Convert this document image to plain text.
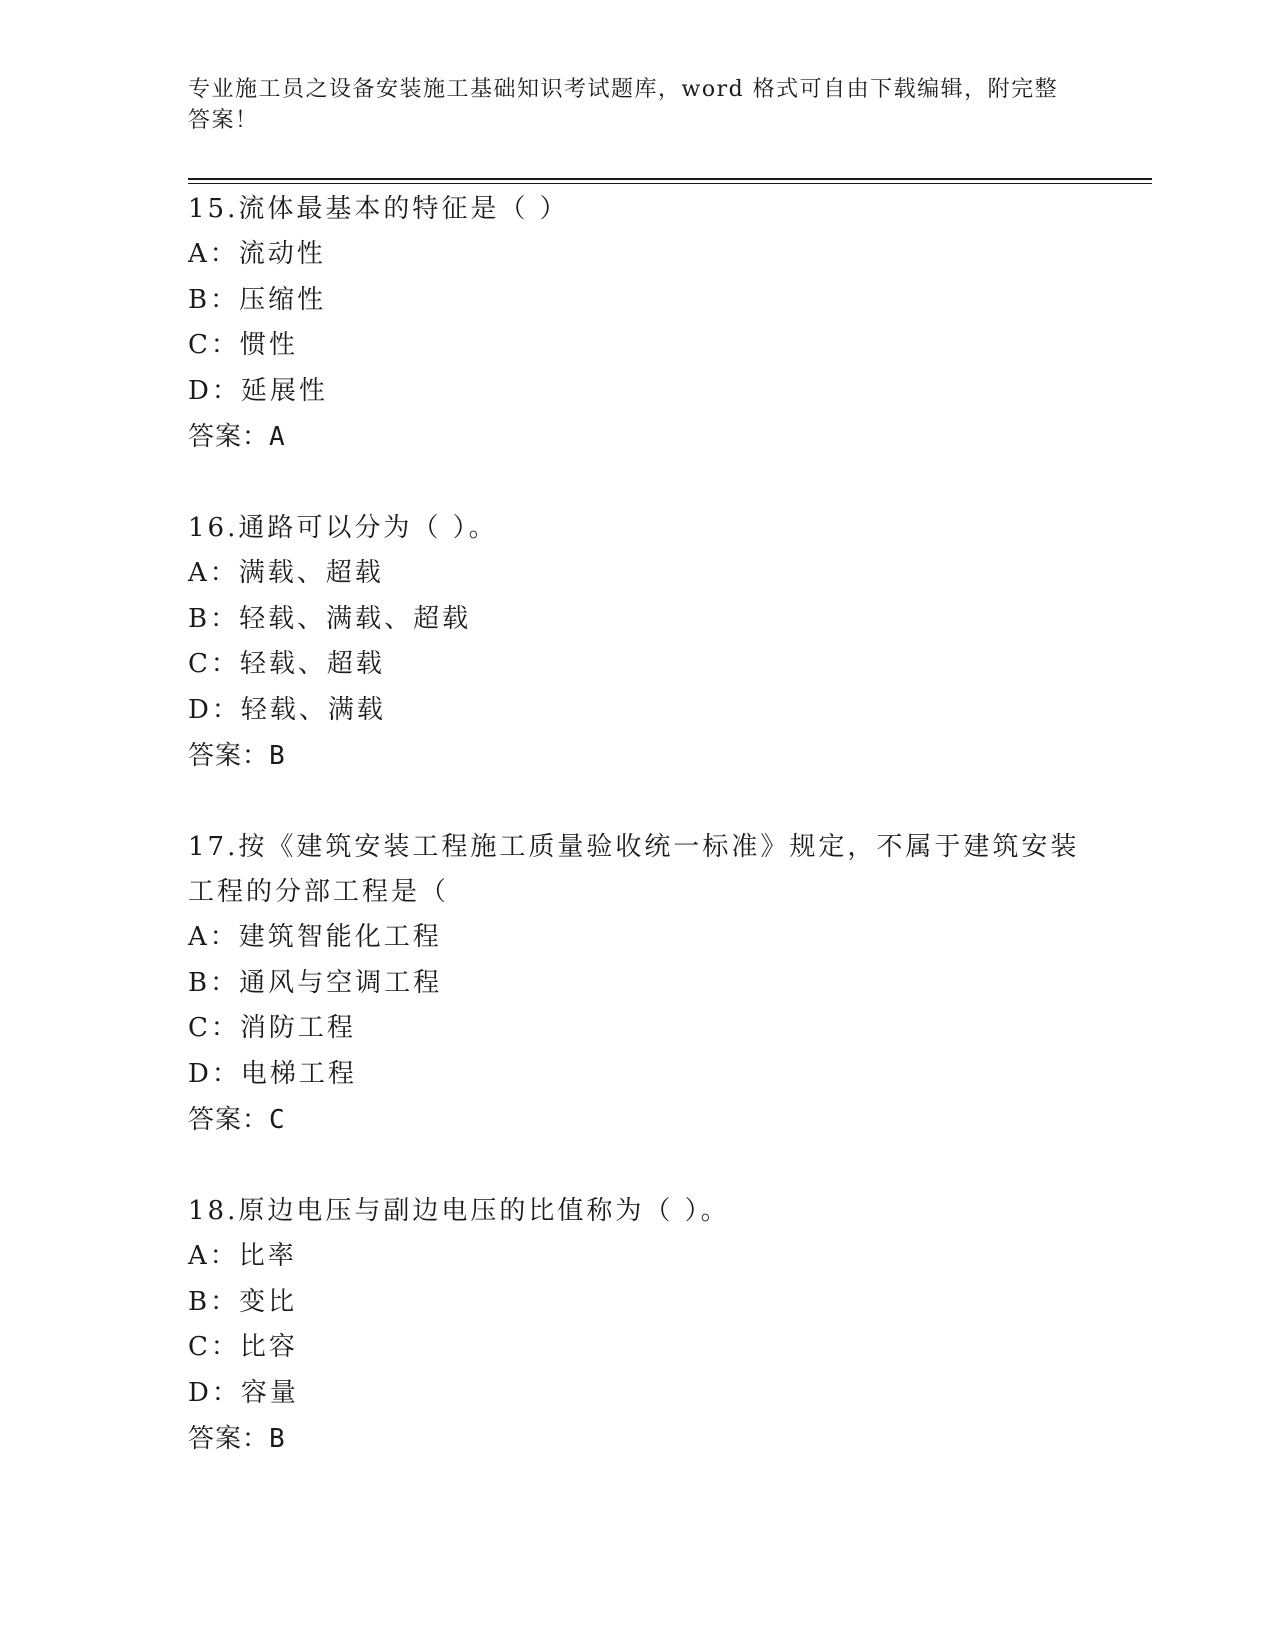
专业施工员之设备安装施工基础知识考试题库，word 格式可自由下载编辑，附完整答案！
15.流体最基本的特征是（ ）
A：流动性
B：压缩性
C：惯性
D：延展性
答案：A
16.通路可以分为（ ）。
A：满载、超载
B：轻载、满载、超载
C：轻载、超载
D：轻载、满载
答案：B
17.按《建筑安装工程施工质量验收统一标准》规定，不属于建筑安装工程的分部工程是（
A：建筑智能化工程
B：通风与空调工程
C：消防工程
D：电梯工程
答案：C
18.原边电压与副边电压的比值称为（ ）。
A：比率
B：变比
C：比容
D：容量
答案：B
